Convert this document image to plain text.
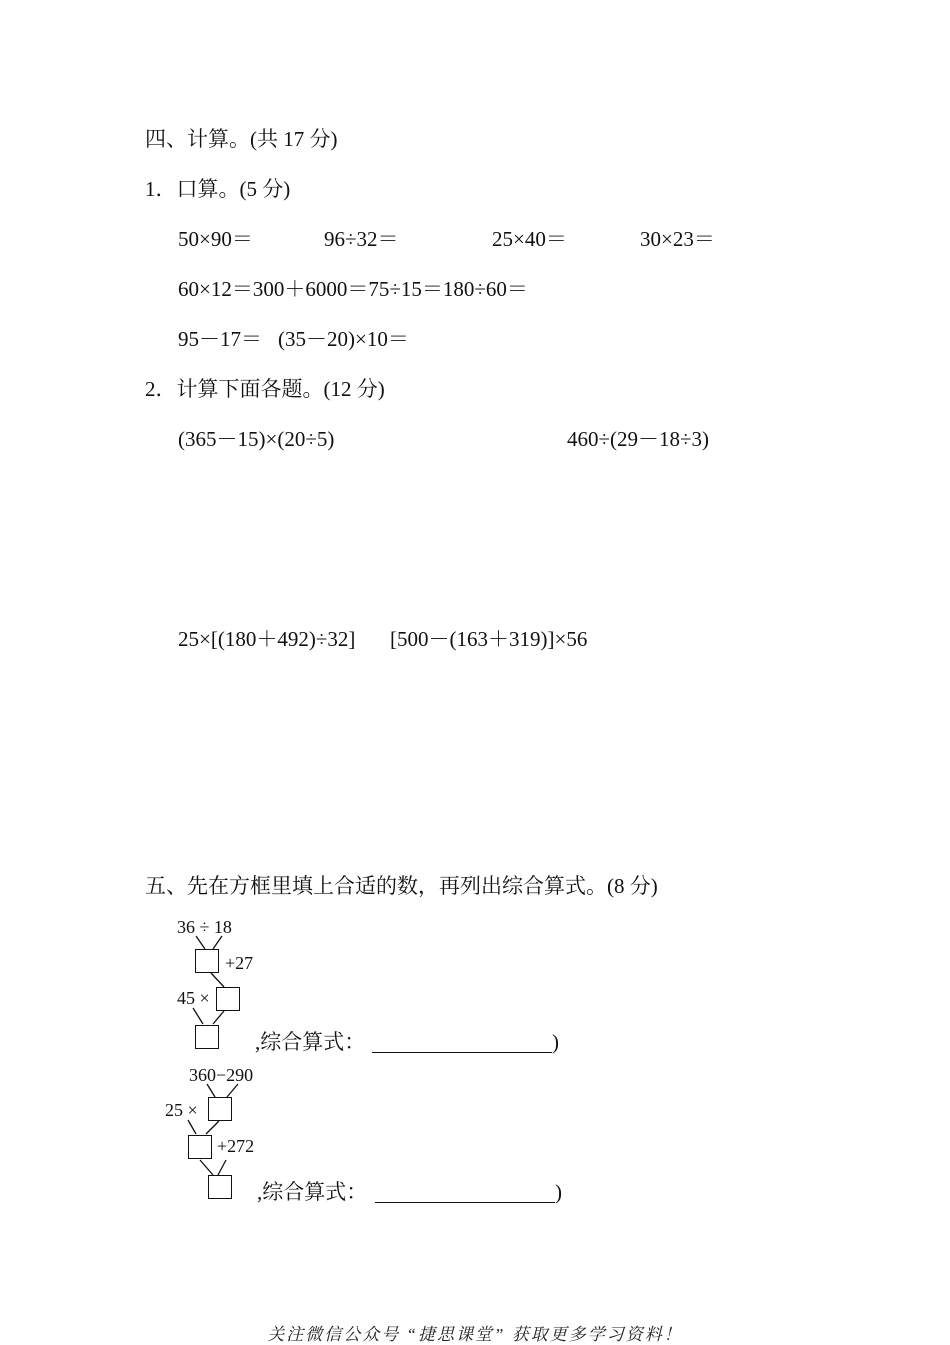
四、计算。(共 17 分)
1．口算。(5 分)
50×90＝	96÷32＝	25×40＝	30×23＝
60×12＝300＋6000＝75÷15＝180÷60＝
95－17＝ (35－20)×10＝
2．计算下面各题。(12 分)
(365－15)×(20÷5)	460÷(29－18÷3)
25×[(180＋492)÷32] [500－(163＋319)]×56
五、先在方框里填上合适的数，再列出综合算式。(8 分)
36 ÷ 18
+27
45 ×
,综合算式：	)
360−290
25 ×
+272
,综合算式：	)
关注微信公众号 “捷思课堂” 获取更多学习资料！
